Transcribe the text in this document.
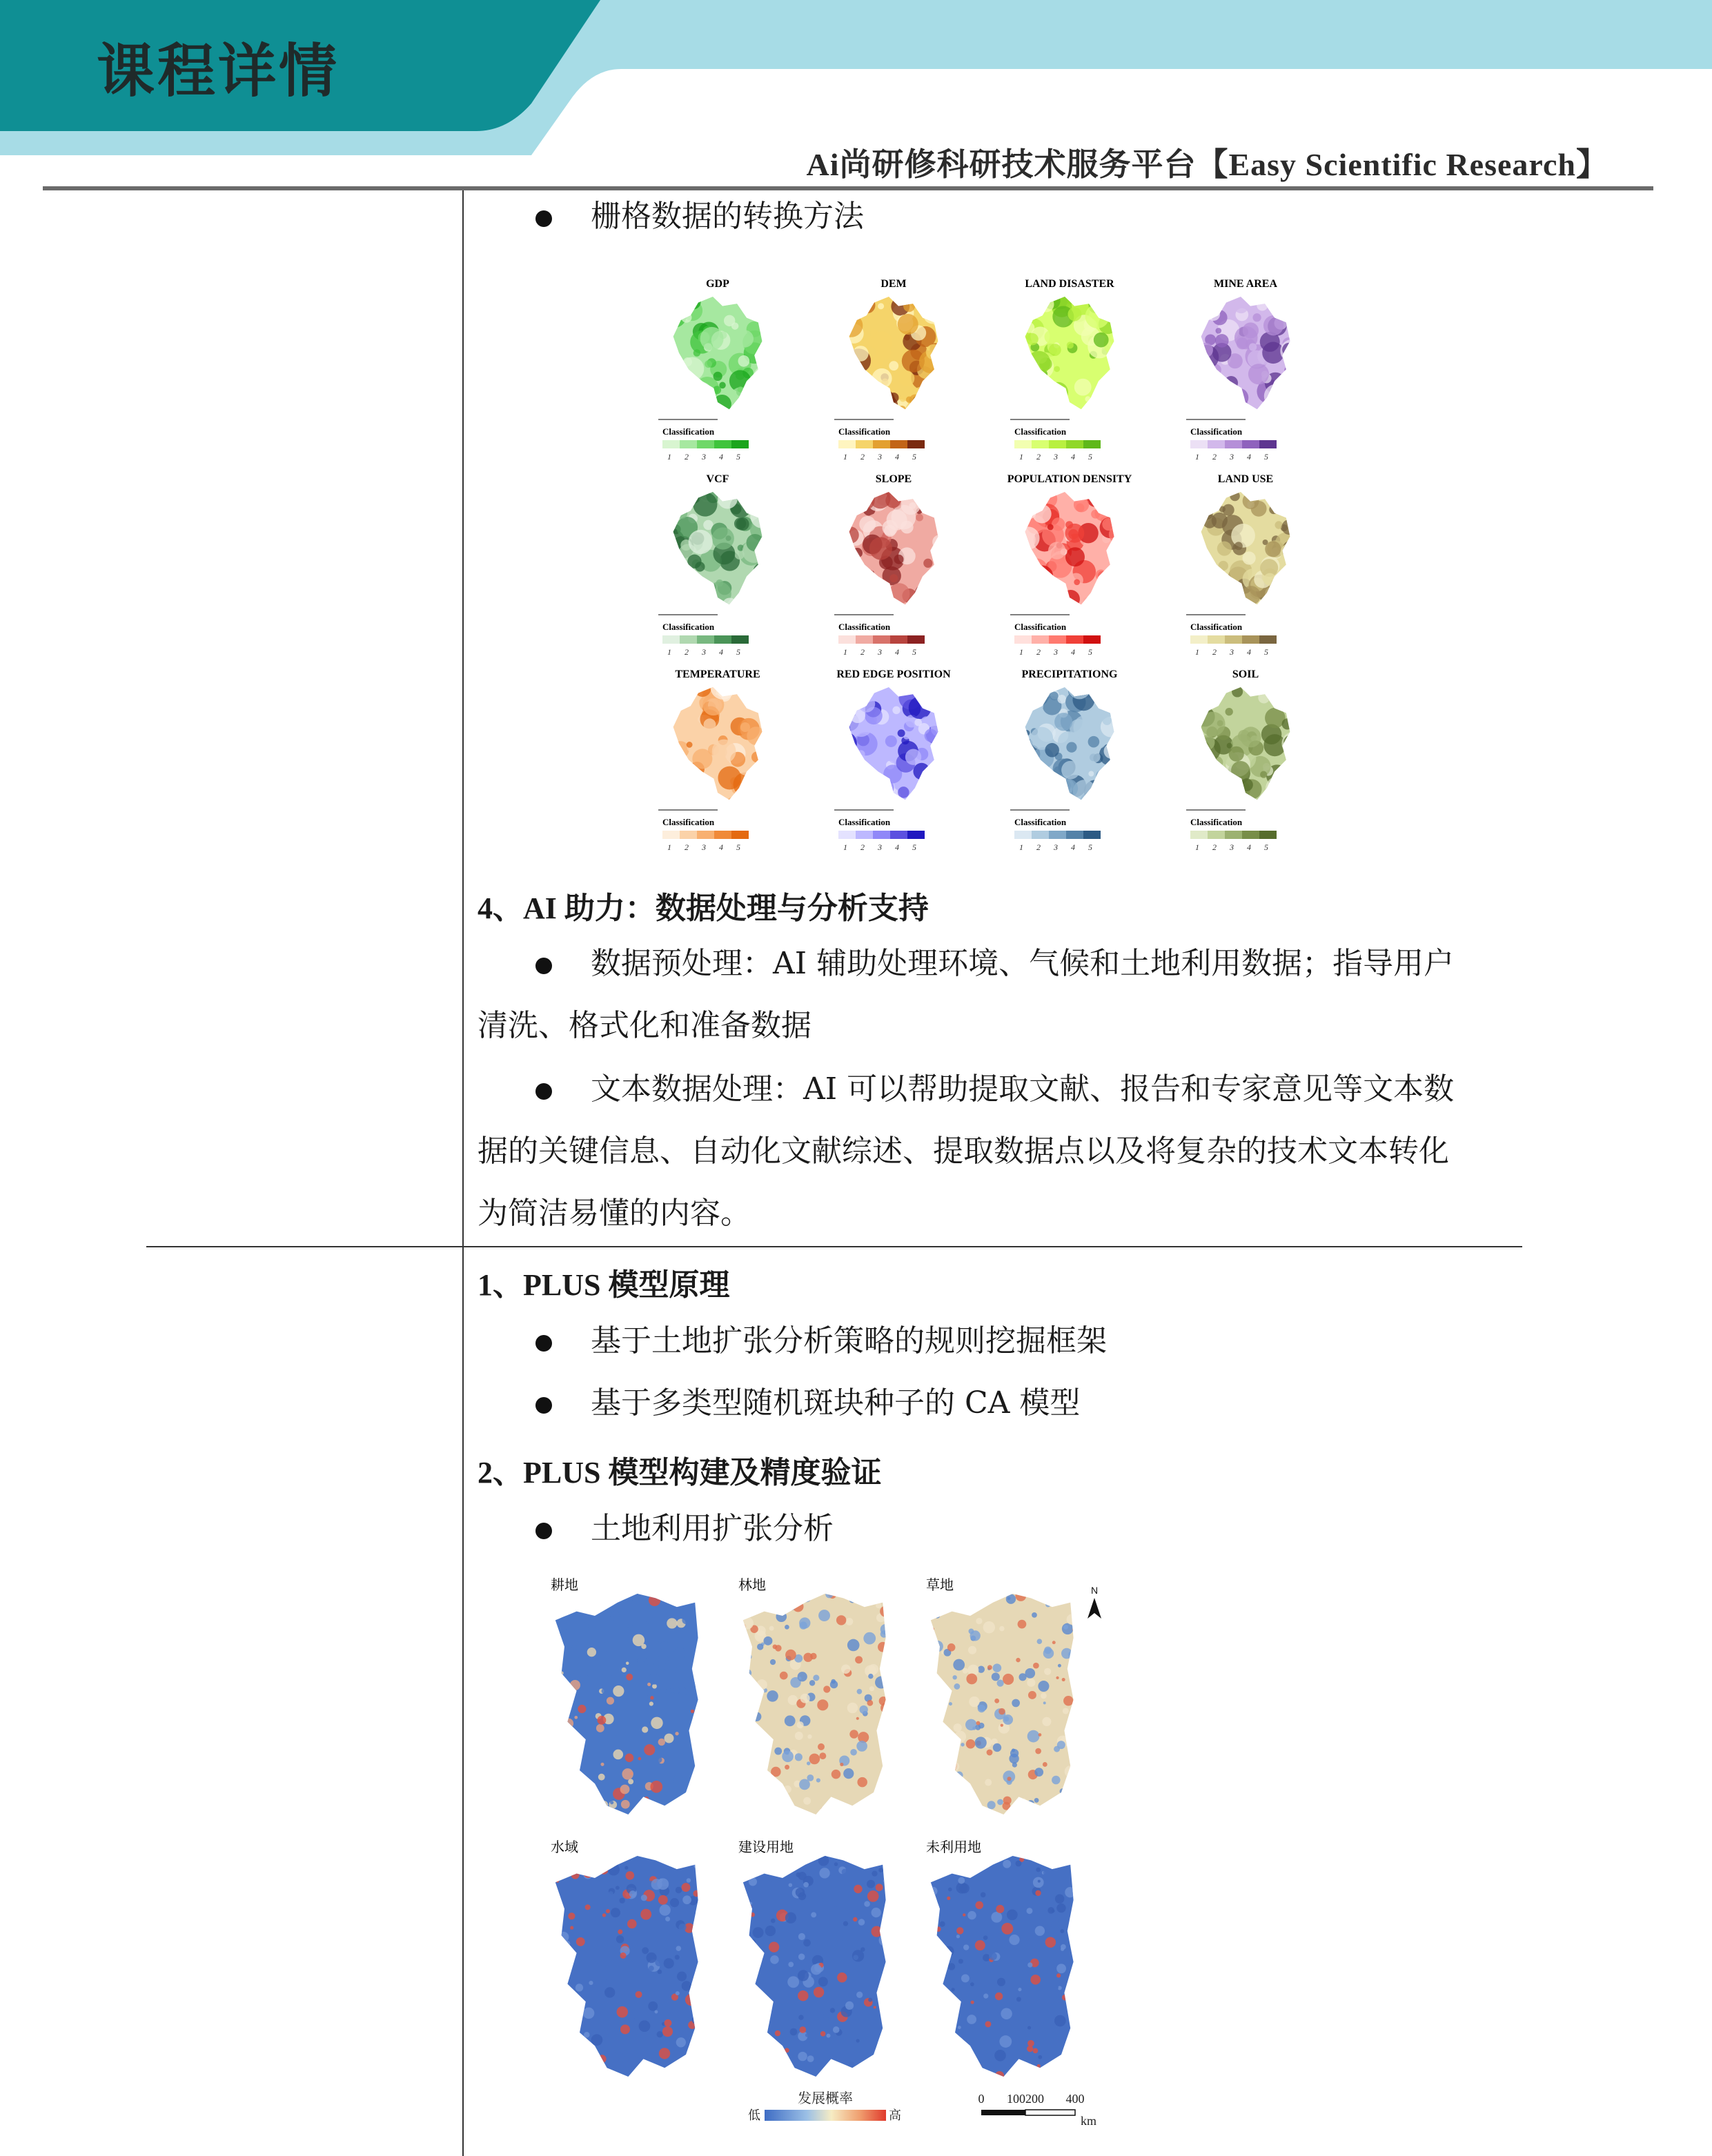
课程详情
Ai尚研修科研技术服务平台【Easy Scientific Research】
栅格数据的转换方法
GDP
Classification
1 2 3 4 5
DEM
Classification
1 2 3 4 5
LAND DISASTER
Classification
1 2 3 4 5
MINE AREA
Classification
1 2 3 4 5
VCF
Classification
1 2 3 4 5
SLOPE
Classification
1 2 3 4 5
POPULATION DENSITY
Classification
1 2 3 4 5
LAND USE
Classification
1 2 3 4 5
TEMPERATURE
Classification
1 2 3 4 5
RED EDGE POSITION
Classification
1 2 3 4 5
PRECIPITATIONG
Classification
1 2 3 4 5
SOIL
Classification
1 2 3 4 5
4、AI 助力：数据处理与分析支持
数据预处理：AI 辅助处理环境、气候和土地利用数据；指导用户
清洗、格式化和准备数据
文本数据处理：AI 可以帮助提取文献、报告和专家意见等文本数
据的关键信息、自动化文献综述、提取数据点以及将复杂的技术文本转化
为简洁易懂的内容。
1、PLUS 模型原理
基于土地扩张分析策略的规则挖掘框架
基于多类型随机斑块种子的 CA 模型
2、PLUS 模型构建及精度验证
土地利用扩张分析
耕地	林地	草地
水域	建设用地	未利用地
N
发展概率
低	高
0 100200 400
km
